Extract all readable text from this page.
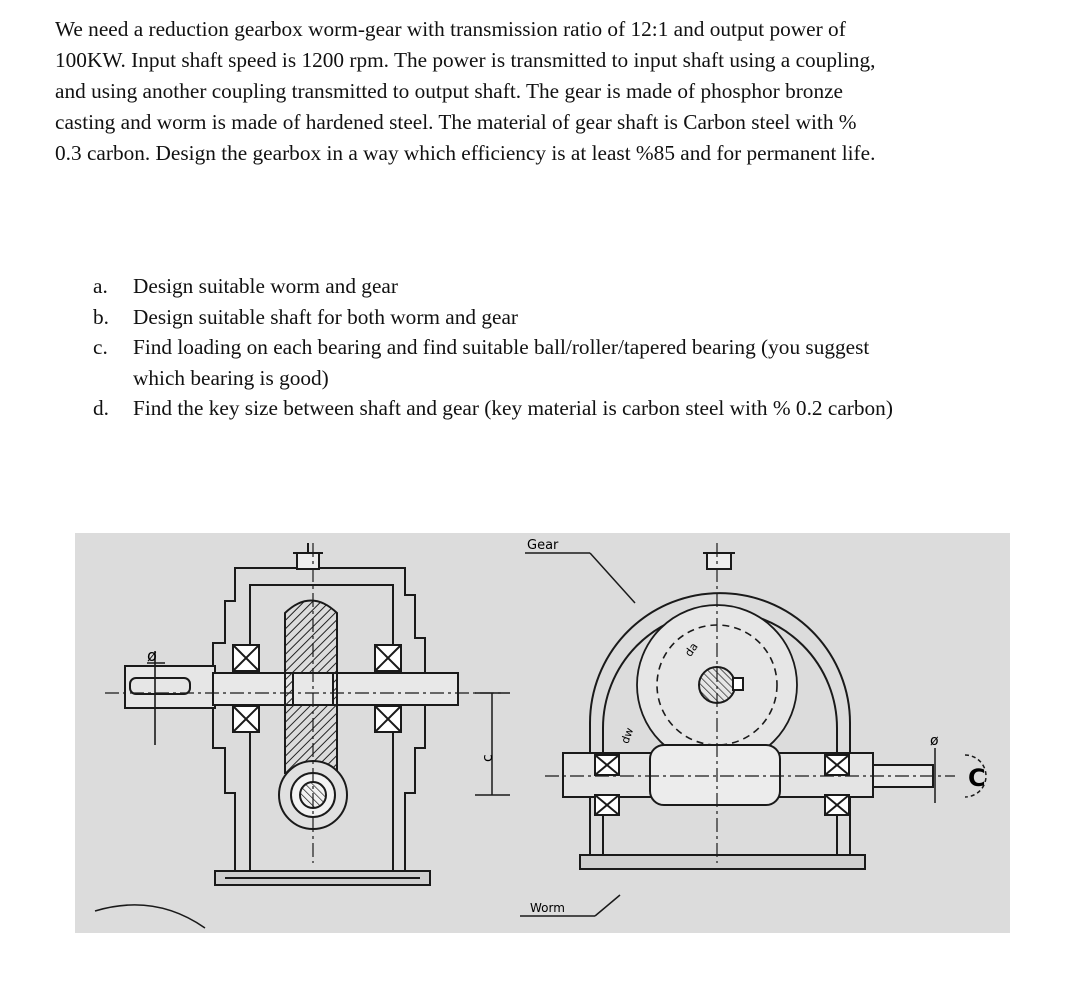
We need a reduction gearbox worm-gear with transmission ratio of 12:1 and output power of
100KW. Input shaft speed is 1200 rpm. The power is transmitted to input shaft using a coupling,
and using another coupling transmitted to output shaft. The gear is made of phosphor bronze
casting and worm is made of hardened steel. The material of gear shaft is Carbon steel with %
0.3 carbon. Design the gearbox in a way which efficiency is at least %85 and for permanent life.
a. Design suitable worm and gear
b. Design suitable shaft for both worm and gear
c. Find loading on each bearing and find suitable ball/roller/tapered bearing (you suggest
which bearing is good)
d. Find the key size between shaft and gear (key material is carbon steel with % 0.2 carbon)
ø
c
ø
C
da
dw
Gear
Worm
